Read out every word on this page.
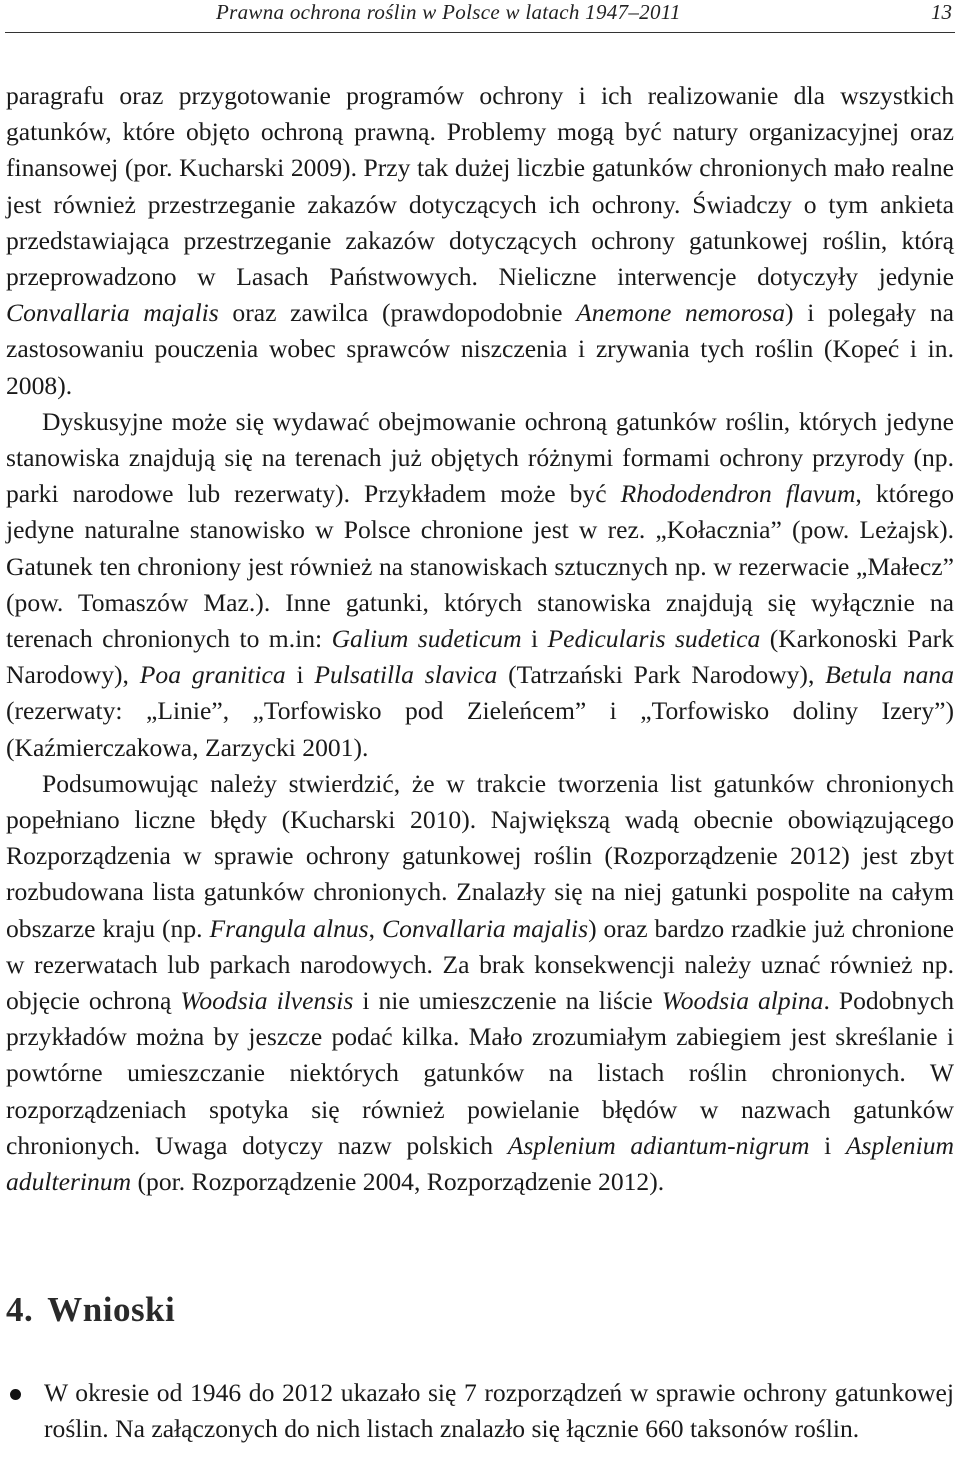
Prawna ochrona roślin w Polsce w latach 1947–2011	13

paragrafu oraz przygotowanie programów ochrony i ich realizowanie dla wszystkich gatunków, które objęto ochroną prawną. Problemy mogą być natury organizacyjnej oraz finansowej (por. Kucharski 2009). Przy tak dużej liczbie gatunków chronionych mało realne jest również przestrzeganie zakazów dotyczących ich ochrony. Świadczy o tym ankieta przedstawiająca przestrzeganie zakazów dotyczących ochrony gatunkowej roślin, którą przeprowadzono w Lasach Państwowych. Nieliczne interwencje dotyczyły jedynie Convallaria majalis oraz zawilca (prawdopodobnie Anemone nemorosa) i polegały na zastosowaniu pouczenia wobec sprawców niszczenia i zrywania tych roślin (Kopeć i in. 2008).

Dyskusyjne może się wydawać obejmowanie ochroną gatunków roślin, których jedyne stanowiska znajdują się na terenach już objętych różnymi formami ochrony przyrody (np. parki narodowe lub rezerwaty). Przykładem może być Rhododendron flavum, którego jedyne naturalne stanowisko w Polsce chronione jest w rez. „Kołacznia” (pow. Leżajsk). Gatunek ten chroniony jest również na stanowiskach sztucznych np. w rezerwacie „Małecz” (pow. Tomaszów Maz.). Inne gatunki, których stanowiska znajdują się wyłącznie na terenach chronionych to m.in: Galium sudeticum i Pedicularis sudetica (Karkonoski Park Narodowy), Poa granitica i Pulsatilla slavica (Tatrzański Park Narodowy), Betula nana (rezerwaty: „Linie”, „Torfowisko pod Zieleńcem” i „Torfowisko doliny Izery”) (Kaźmierczakowa, Zarzycki 2001).

Podsumowując należy stwierdzić, że w trakcie tworzenia list gatunków chronionych popełniano liczne błędy (Kucharski 2010). Największą wadą obecnie obowiązującego Rozporządzenia w sprawie ochrony gatunkowej roślin (Rozporządzenie 2012) jest zbyt rozbudowana lista gatunków chronionych. Znalazły się na niej gatunki pospolite na całym obszarze kraju (np. Frangula alnus, Convallaria majalis) oraz bardzo rzadkie już chronione w rezerwatach lub parkach narodowych. Za brak konsekwencji należy uznać również np. objęcie ochroną Woodsia ilvensis i nie umieszczenie na liście Woodsia alpina. Podobnych przykładów można by jeszcze podać kilka. Mało zrozumiałym zabiegiem jest skreślanie i powtórne umieszczanie niektórych gatunków na listach roślin chronionych. W rozporządzeniach spotyka się również powielanie błędów w nazwach gatunków chronionych. Uwaga dotyczy nazw polskich Asplenium adiantum-nigrum i Asplenium adulterinum (por. Rozporządzenie 2004, Rozporządzenie 2012).

4. Wnioski
W okresie od 1946 do 2012 ukazało się 7 rozporządzeń w sprawie ochrony gatunkowej roślin. Na załączonych do nich listach znalazło się łącznie 660 taksonów roślin.
